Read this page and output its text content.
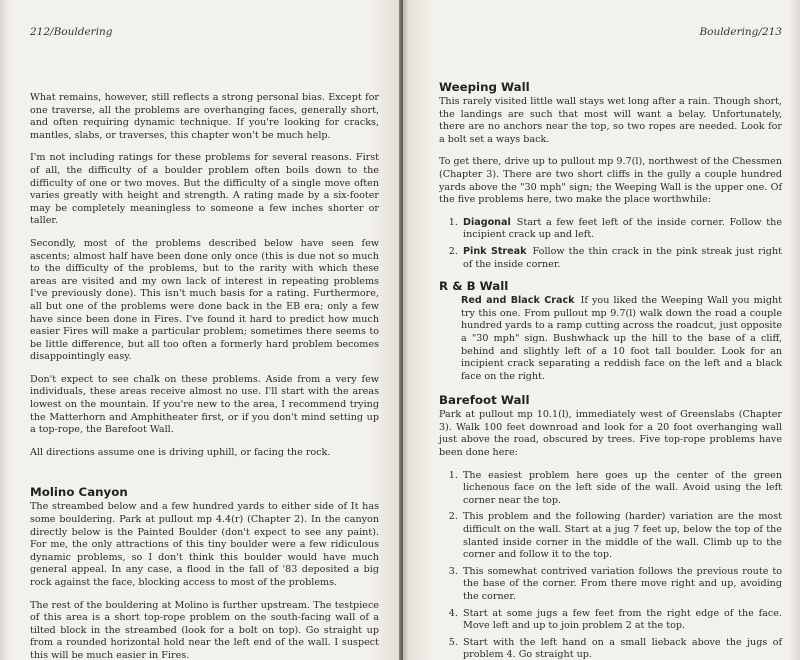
212/Bouldering

What remains, however, still reflects a strong personal bias. Except for one traverse, all the problems are overhanging faces, generally short, and often requiring dynamic technique. If you're looking for cracks, mantles, slabs, or traverses, this chapter won't be much help.

I'm not including ratings for these problems for several reasons. First of all, the difficulty of a boulder problem often boils down to the difficulty of one or two moves. But the difficulty of a single move often varies greatly with height and strength. A rating made by a six-footer may be completely meaningless to someone a few inches shorter or taller.

Secondly, most of the problems described below have seen few ascents; almost half have been done only once (this is due not so much to the difficulty of the problems, but to the rarity with which these areas are visited and my own lack of interest in repeating problems I've previously done). This isn't much basis for a rating. Furthermore, all but one of the problems were done back in the EB era; only a few have since been done in Fires. I've found it hard to predict how much easier Fires will make a particular problem; sometimes there seems to be little difference, but all too often a formerly hard problem becomes disappointingly easy.

Don't expect to see chalk on these problems. Aside from a very few individuals, these areas receive almost no use. I'll start with the areas lowest on the mountain. If you're new to the area, I recommend trying the Matterhorn and Amphitheater first, or if you don't mind setting up a top-rope, the Barefoot Wall.

All directions assume one is driving uphill, or facing the rock.

Molino Canyon

The streambed below and a few hundred yards to either side of It has some bouldering. Park at pullout mp 4.4(r) (Chapter 2). In the canyon directly below is the Painted Boulder (don't expect to see any paint). For me, the only attractions of this tiny boulder were a few ridiculous dynamic problems, so I don't think this boulder would have much general appeal. In any case, a flood in the fall of '83 deposited a big rock against the face, blocking access to most of the problems.

The rest of the bouldering at Molino is further upstream. The testpiece of this area is a short top-rope problem on the south-facing wall of a tilted block in the streambed (look for a bolt on top). Go straight up from a rounded horizontal hold near the left end of the wall. I suspect this will be much easier in Fires.

Bouldering/213
Weeping Wall

This rarely visited little wall stays wet long after a rain. Though short, the landings are such that most will want a belay. Unfortunately, there are no anchors near the top, so two ropes are needed. Look for a bolt set a ways back.

To get there, drive up to pullout mp 9.7(l), northwest of the Chessmen (Chapter 3). There are two short cliffs in the gully a couple hundred yards above the "30 mph" sign; the Weeping Wall is the upper one. Of the five problems here, two make the place worthwhile:

1. Diagonal Start a few feet left of the inside corner. Follow the incipient crack up and left.
2. Pink Streak Follow the thin crack in the pink streak just right of the inside corner.
R & B Wall

Red and Black Crack If you liked the Weeping Wall you might try this one. From pullout mp 9.7(l) walk down the road a couple hundred yards to a ramp cutting across the roadcut, just opposite a "30 mph" sign. Bushwhack up the hill to the base of a cliff, behind and slightly left of a 10 foot tall boulder. Look for an incipient crack separating a reddish face on the left and a black face on the right.

Barefoot Wall

Park at pullout mp 10.1(l), immediately west of Greenslabs (Chapter 3). Walk 100 feet downroad and look for a 20 foot overhanging wall just above the road, obscured by trees. Five top-rope problems have been done here:

1. The easiest problem here goes up the center of the green lichenous face on the left side of the wall. Avoid using the left corner near the top.
2. This problem and the following (harder) variation are the most difficult on the wall. Start at a jug 7 feet up, below the top of the slanted inside corner in the middle of the wall. Climb up to the corner and follow it to the top.
3. This somewhat contrived variation follows the previous route to the base of the corner. From there move right and up, avoiding the corner.
4. Start at some jugs a few feet from the right edge of the face. Move left and up to join problem 2 at the top.
5. Start with the left hand on a small lieback above the jugs of problem 4. Go straight up.
